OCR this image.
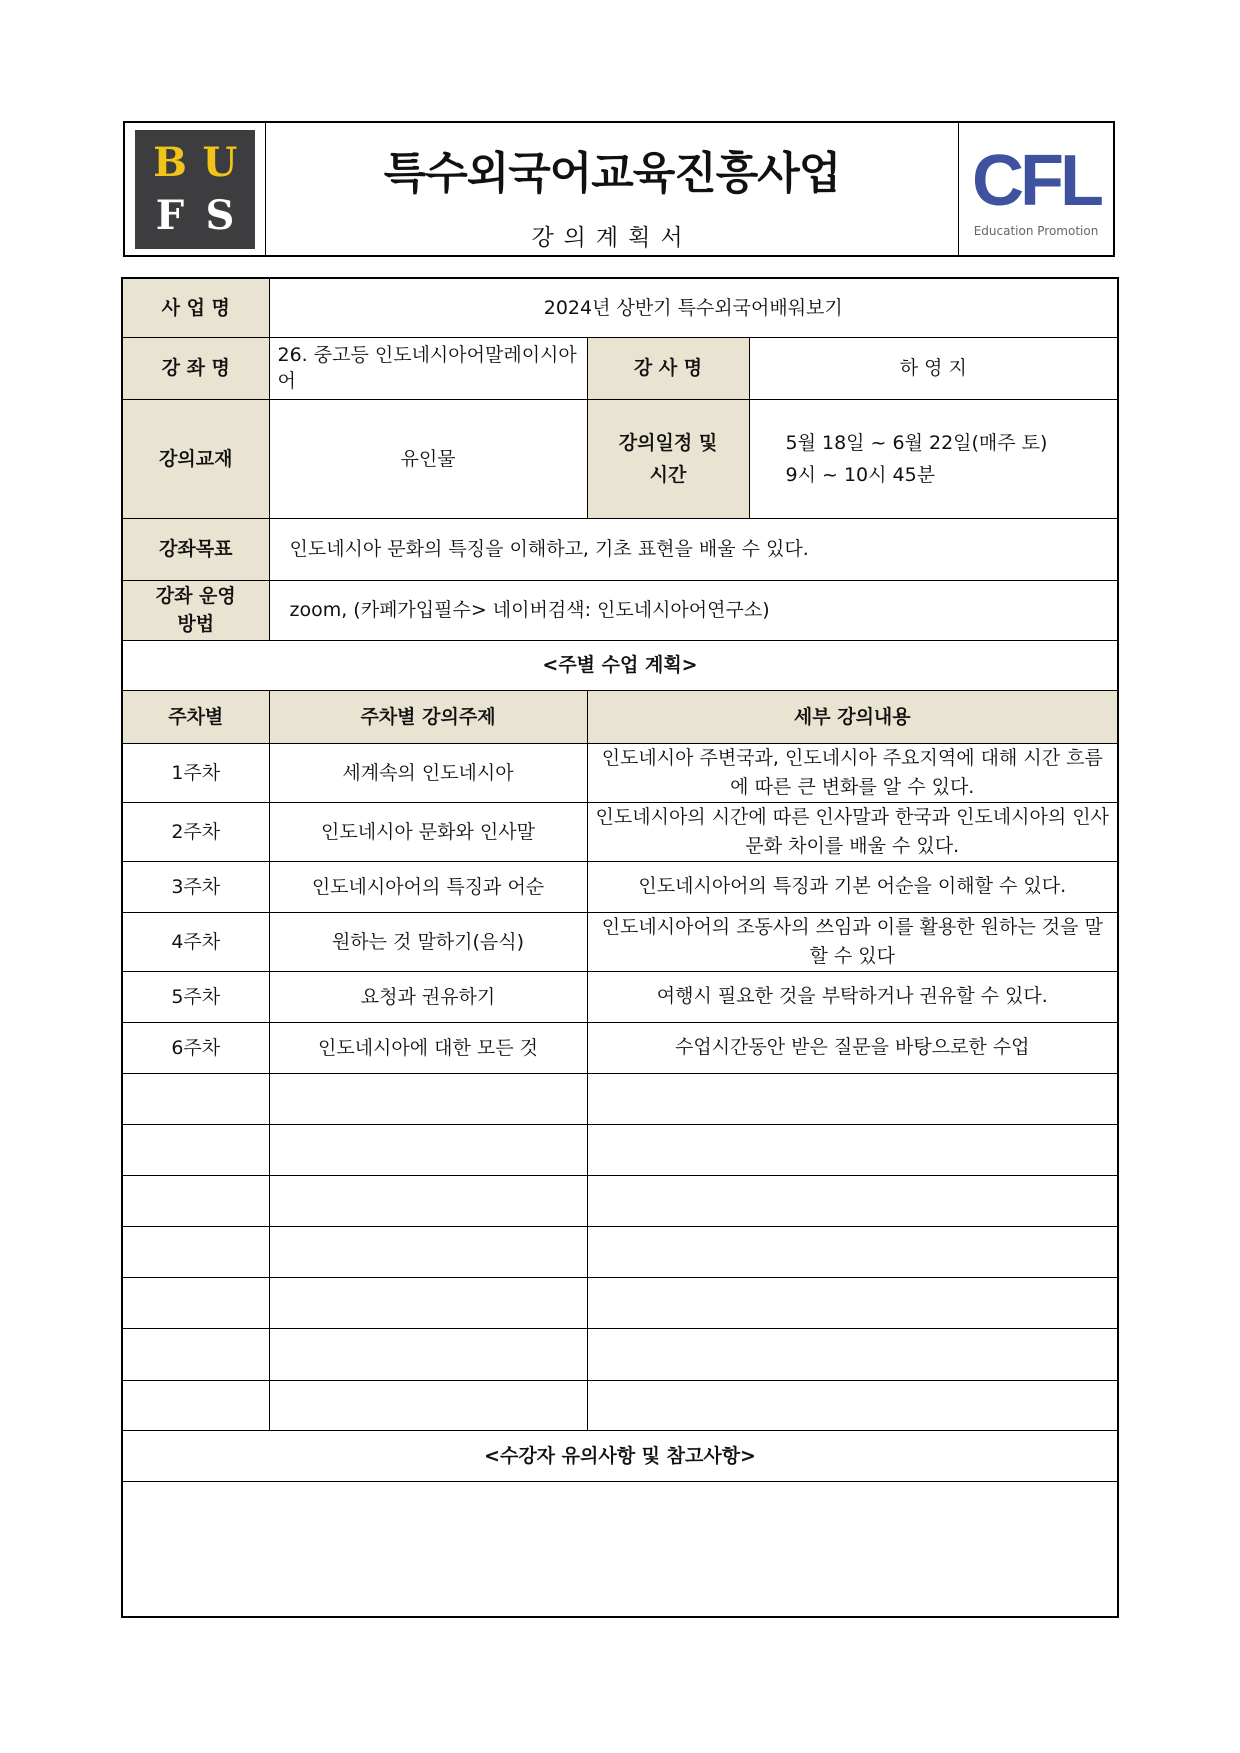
B U
F S
특수외국어교육진흥사업
강의계획서
CFL
Education Promotion
사 업 명	2024년 상반기 특수외국어배워보기		
강 좌 명	26. 중고등 인도네시아어말레이시아어	강 사 명	하 영 지
강의교재	유인물	강의일정 및 시간	5월 18일 ~ 6월 22일(매주 토)
9시 ~ 10시 45분

강좌목표	인도네시아 문화의 특징을 이해하고, 기초 표현을 배울 수 있다.		
강좌 운영방법	zoom, (카페가입필수> 네이버검색: 인도네시아어연구소)		
<주별 수업 계획>			
주차별	주차별 강의주제	세부 강의내용	
1주차	세계속의 인도네시아	인도네시아 주변국과, 인도네시아 주요지역에 대해 시간 흐름에 따른 큰 변화를 알 수 있다.	
2주차	인도네시아 문화와 인사말	인도네시아의 시간에 따른 인사말과 한국과 인도네시아의 인사문화 차이를 배울 수 있다.	
3주차	인도네시아어의 특징과 어순	인도네시아어의 특징과 기본 어순을 이해할 수 있다.	
4주차	원하는 것 말하기(음식)	인도네시아어의 조동사의 쓰임과 이를 활용한 원하는 것을 말할 수 있다	
5주차	요청과 권유하기	여행시 필요한 것을 부탁하거나 권유할 수 있다.	
6주차	인도네시아에 대한 모든 것	수업시간동안 받은 질문을 바탕으로한 수업	

<수강자 유의사항 및 참고사항>			
